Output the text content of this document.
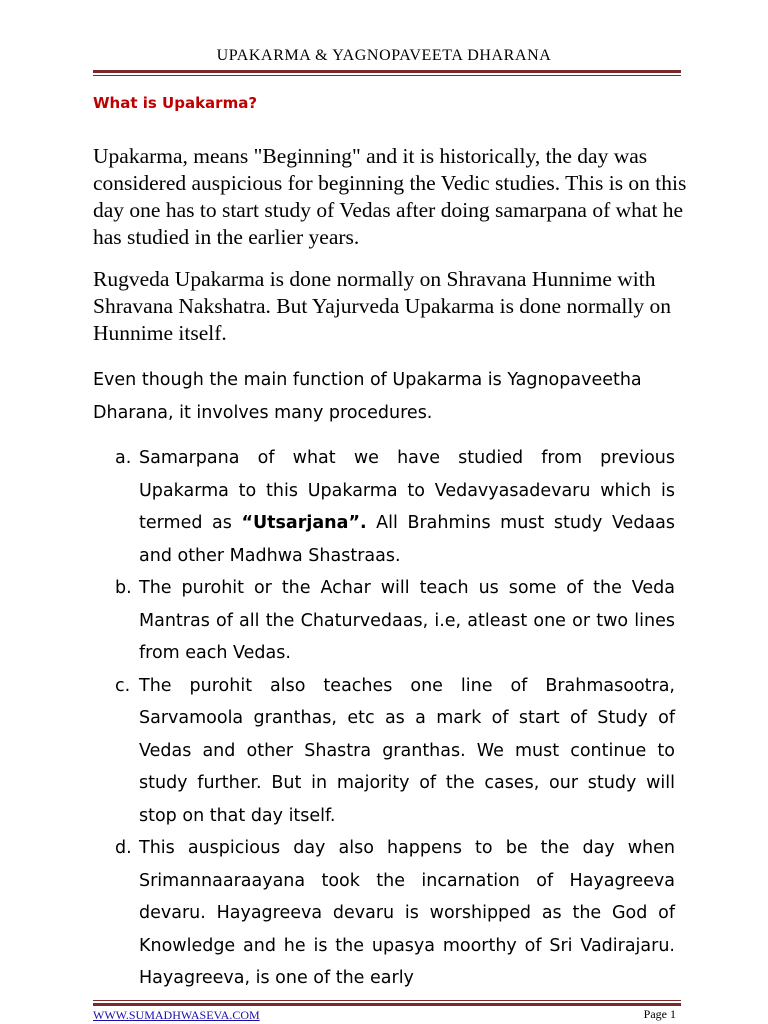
UPAKARMA & YAGNOPAVEETA DHARANA
What is Upakarma?
Upakarma, means "Beginning" and it is historically, the day was considered auspicious for beginning the Vedic studies. This is on this day one has to start study of Vedas after doing samarpana of what he has studied in the earlier years.
Rugveda Upakarma is done normally on Shravana Hunnime with Shravana Nakshatra. But Yajurveda Upakarma is done normally on Hunnime itself.
Even though the main function of Upakarma is Yagnopaveetha Dharana, it involves many procedures.
a. Samarpana of what we have studied from previous Upakarma to this Upakarma to Vedavyasadevaru which is termed as “Utsarjana”. All Brahmins must study Vedaas and other Madhwa Shastraas.
b. The purohit or the Achar will teach us some of the Veda Mantras of all the Chaturvedaas, i.e, atleast one or two lines from each Vedas.
c. The purohit also teaches one line of Brahmasootra, Sarvamoola granthas, etc as a mark of start of Study of Vedas and other Shastra granthas. We must continue to study further. But in majority of the cases, our study will stop on that day itself.
d. This auspicious day also happens to be the day when Srimannaaraayana took the incarnation of Hayagreeva devaru. Hayagreeva devaru is worshipped as the God of Knowledge and he is the upasya moorthy of Sri Vadirajaru. Hayagreeva, is one of the early
WWW.SUMADHWASEVA.COM	Page 1
